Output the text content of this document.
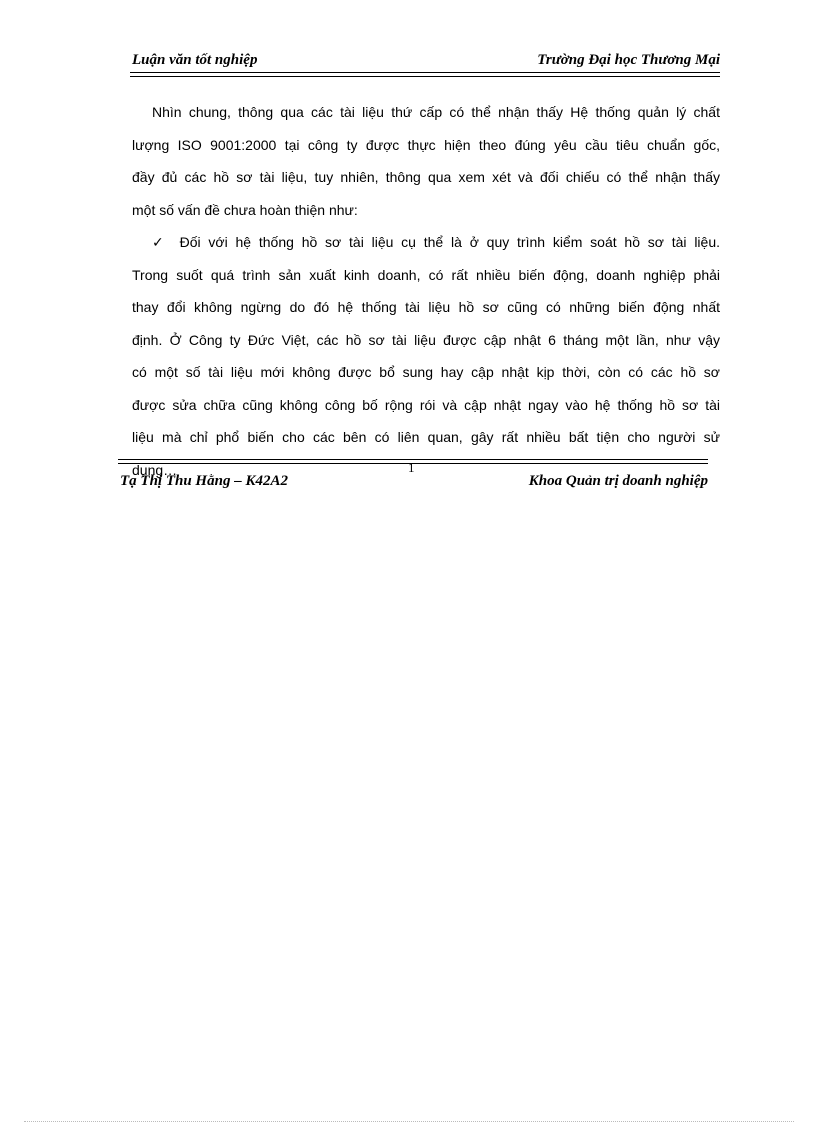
Luận văn tốt nghiệp	Trường Đại học Thương Mại
Nhìn chung, thông qua các tài liệu thứ cấp có thể nhận thấy Hệ thống quản lý chất
lượng ISO 9001:2000 tại công ty được thực hiện theo đúng yêu cầu tiêu chuẩn gốc,
đầy đủ các hồ sơ tài liệu, tuy nhiên, thông qua xem xét và đối chiếu có thể nhận thấy
một số vấn đề chưa hoàn thiện như:
✓ Đối với hệ thống hồ sơ tài liệu cụ thể là ở quy trình kiểm soát hồ sơ tài liệu.
Trong suốt quá trình sản xuất kinh doanh, có rất nhiều biến động, doanh nghiệp phải
thay đổi không ngừng do đó hệ thống tài liệu hồ sơ cũng có những biến động nhất
định. Ở Công ty Đức Việt, các hồ sơ tài liệu được cập nhật 6 tháng một lần, như vậy
có một số tài liệu mới không được bổ sung hay cập nhật kịp thời, còn có các hồ sơ
được sửa chữa cũng không công bố rộng rói và cập nhật ngay vào hệ thống hồ sơ tài
liệu mà chỉ phổ biến cho các bên có liên quan, gây rất nhiều bất tiện cho người sử
dụng…	1
Tạ Thị Thu Hằng – K42A2	Khoa Quản trị doanh nghiệp
